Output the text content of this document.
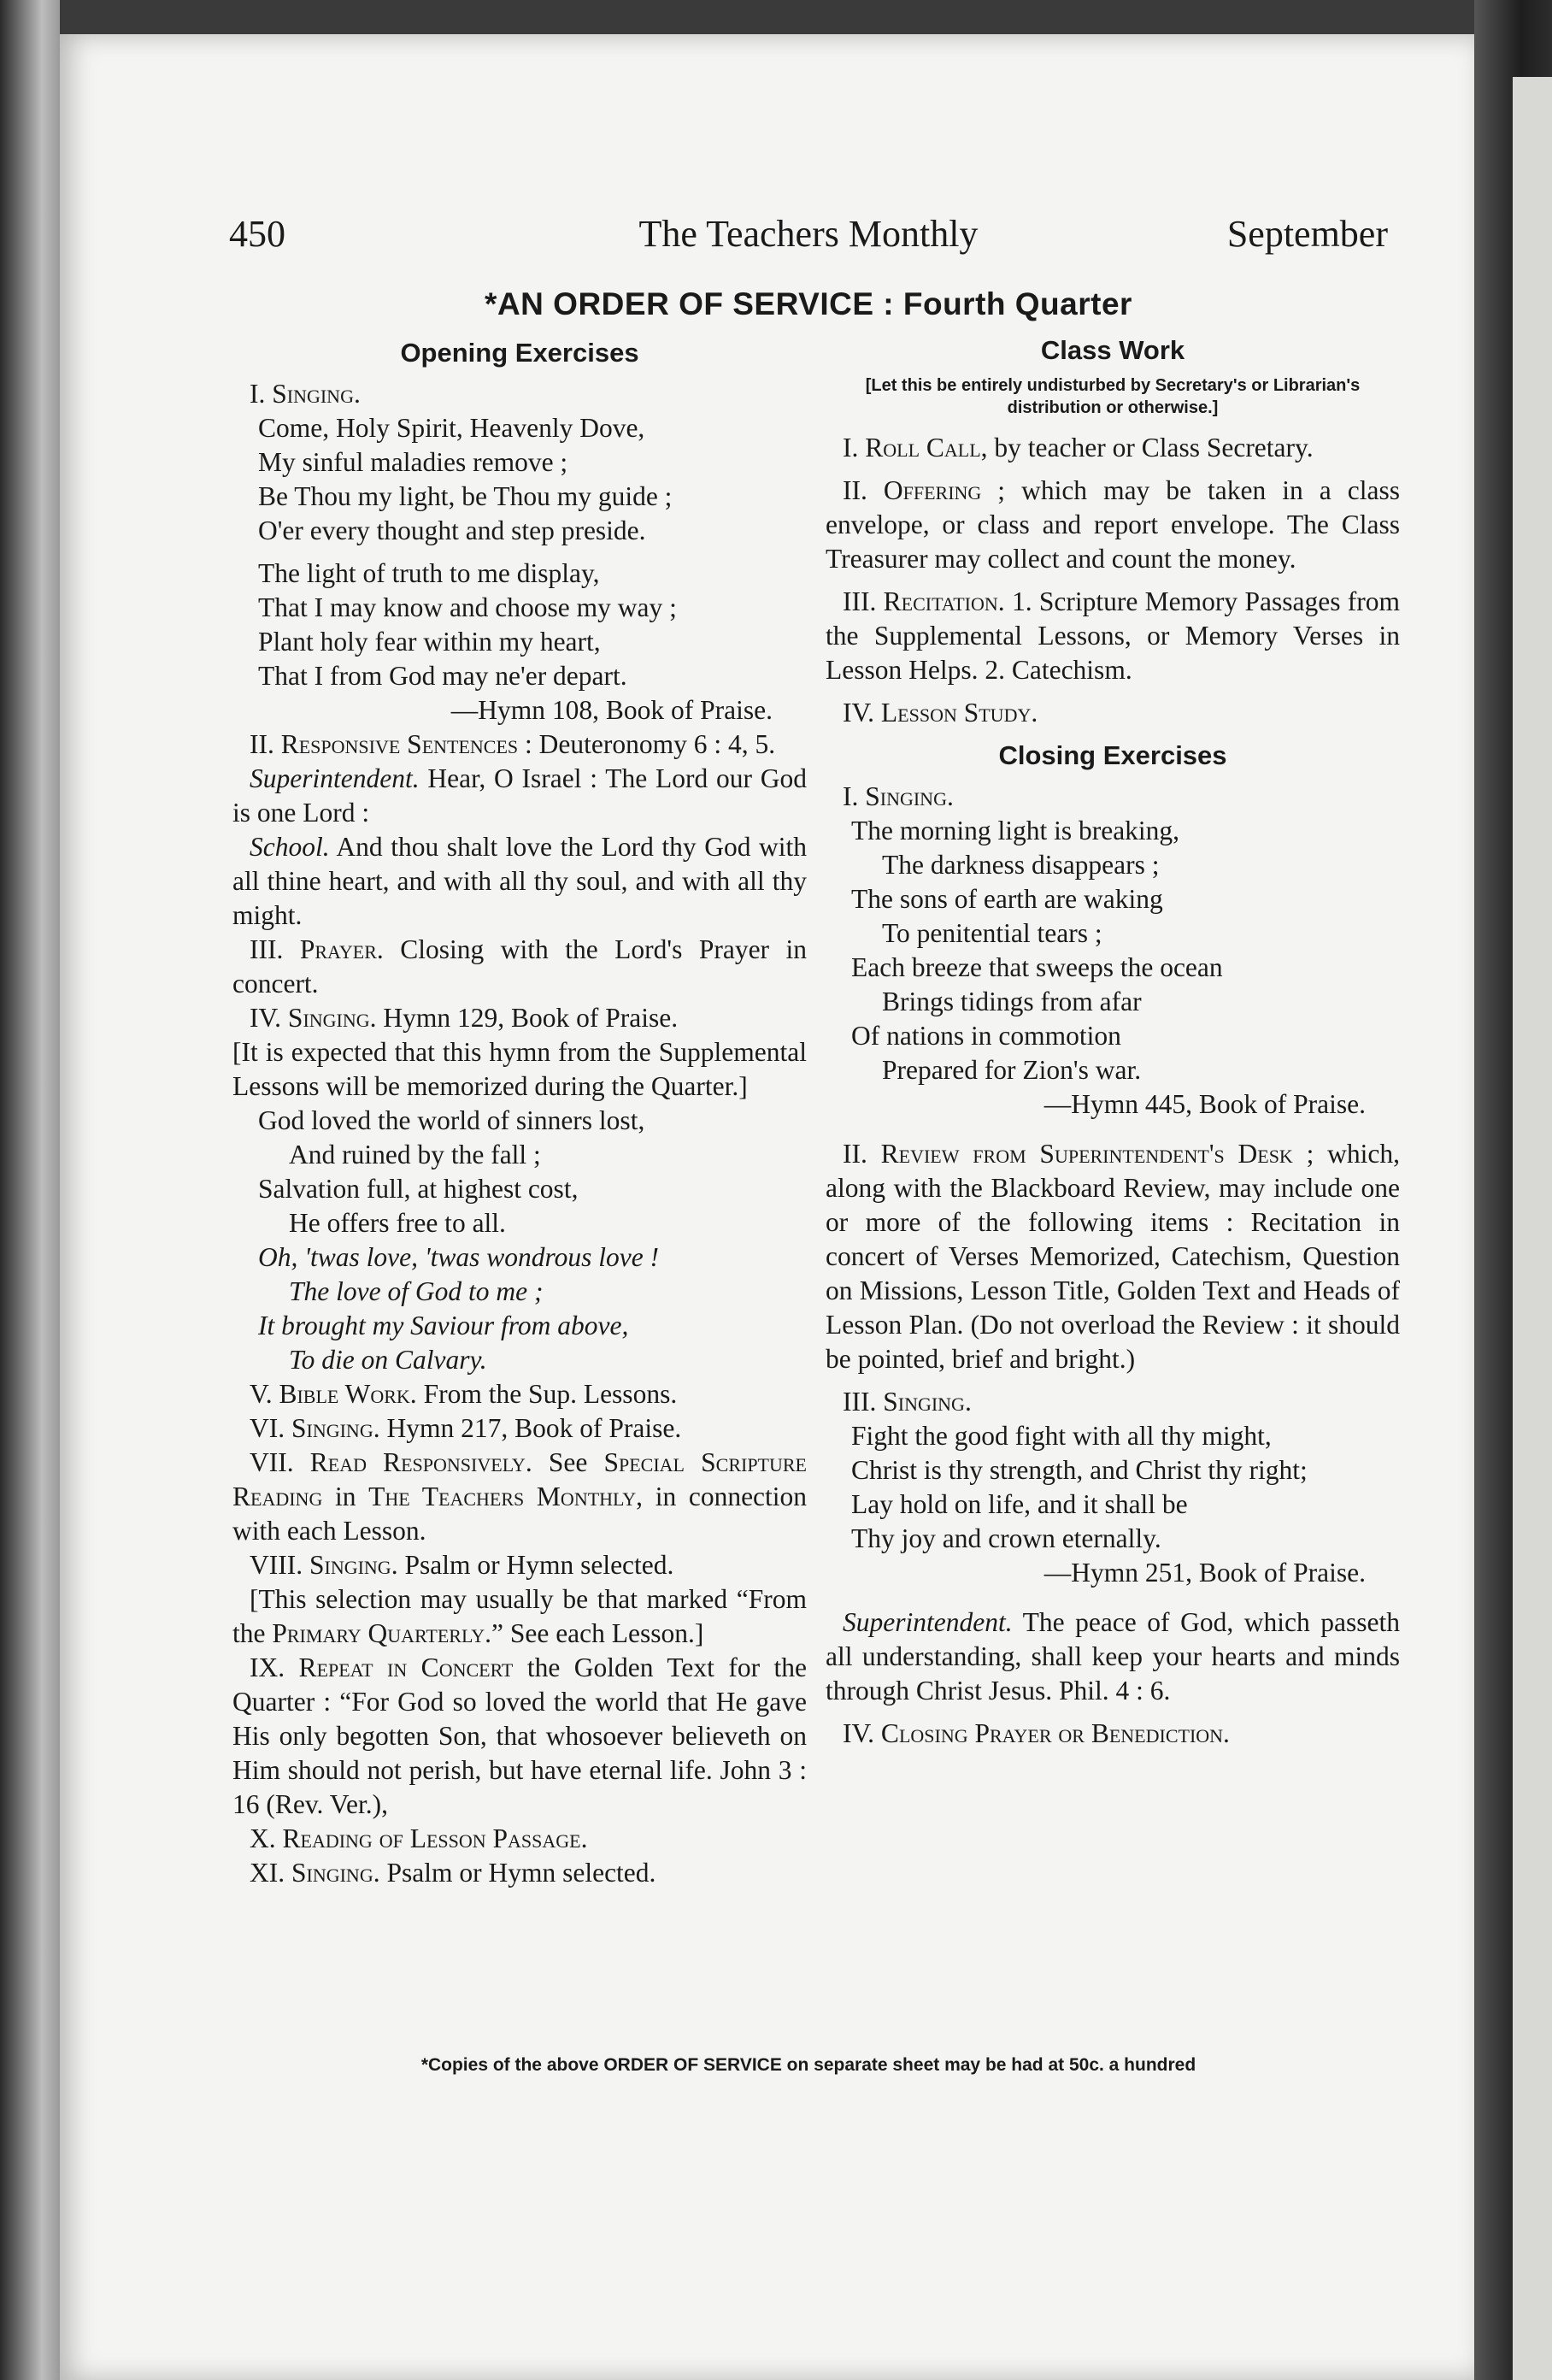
450	The Teachers Monthly	September
*AN ORDER OF SERVICE : Fourth Quarter
Opening Exercises

I. Singing.

Come, Holy Spirit, Heavenly Dove,

My sinful maladies remove ;

Be Thou my light, be Thou my guide ;

O'er every thought and step preside.

The light of truth to me display,

That I may know and choose my way ;

Plant holy fear within my heart,

That I from God may ne'er depart.

—Hymn 108, Book of Praise.

II. Responsive Sentences : Deuteronomy 6 : 4, 5.

Superintendent. Hear, O Israel : The Lord our God is one Lord :

School. And thou shalt love the Lord thy God with all thine heart, and with all thy soul, and with all thy might.

III. Prayer. Closing with the Lord's Prayer in concert.

IV. Singing. Hymn 129, Book of Praise.

[It is expected that this hymn from the Supplemental Lessons will be memorized during the Quarter.]

God loved the world of sinners lost,

And ruined by the fall ;

Salvation full, at highest cost,

He offers free to all.

Oh, 'twas love, 'twas wondrous love !

The love of God to me ;

It brought my Saviour from above,

To die on Calvary.

V. Bible Work. From the Sup. Lessons.

VI. Singing. Hymn 217, Book of Praise.

VII. Read Responsively. See Special Scripture Reading in The Teachers Monthly, in connection with each Lesson.

VIII. Singing. Psalm or Hymn selected.

[This selection may usually be that marked “From the Primary Quarterly.” See each Lesson.]

IX. Repeat in Concert the Golden Text for the Quarter : “For God so loved the world that He gave His only begotten Son, that whosoever believeth on Him should not perish, but have eternal life. John 3 : 16 (Rev. Ver.),

X. Reading of Lesson Passage.

XI. Singing. Psalm or Hymn selected.

Class Work
[Let this be entirely undisturbed by Secretary's or Librarian's distribution or otherwise.]

I. Roll Call, by teacher or Class Secretary.

II. Offering ; which may be taken in a class envelope, or class and report envelope. The Class Treasurer may collect and count the money.

III. Recitation. 1. Scripture Memory Passages from the Supplemental Lessons, or Memory Verses in Lesson Helps. 2. Catechism.

IV. Lesson Study.

Closing Exercises

I. Singing.

The morning light is breaking,

The darkness disappears ;

The sons of earth are waking

To penitential tears ;

Each breeze that sweeps the ocean

Brings tidings from afar

Of nations in commotion

Prepared for Zion's war.

—Hymn 445, Book of Praise.

II. Review from Superintendent's Desk ; which, along with the Blackboard Review, may include one or more of the following items : Recitation in concert of Verses Memorized, Catechism, Question on Missions, Lesson Title, Golden Text and Heads of Lesson Plan. (Do not overload the Review : it should be pointed, brief and bright.)

III. Singing.

Fight the good fight with all thy might,

Christ is thy strength, and Christ thy right;

Lay hold on life, and it shall be

Thy joy and crown eternally.

—Hymn 251, Book of Praise.

Superintendent. The peace of God, which passeth all understanding, shall keep your hearts and minds through Christ Jesus. Phil. 4 : 6.

IV. Closing Prayer or Benediction.

*Copies of the above ORDER OF SERVICE on separate sheet may be had at 50c. a hundred
